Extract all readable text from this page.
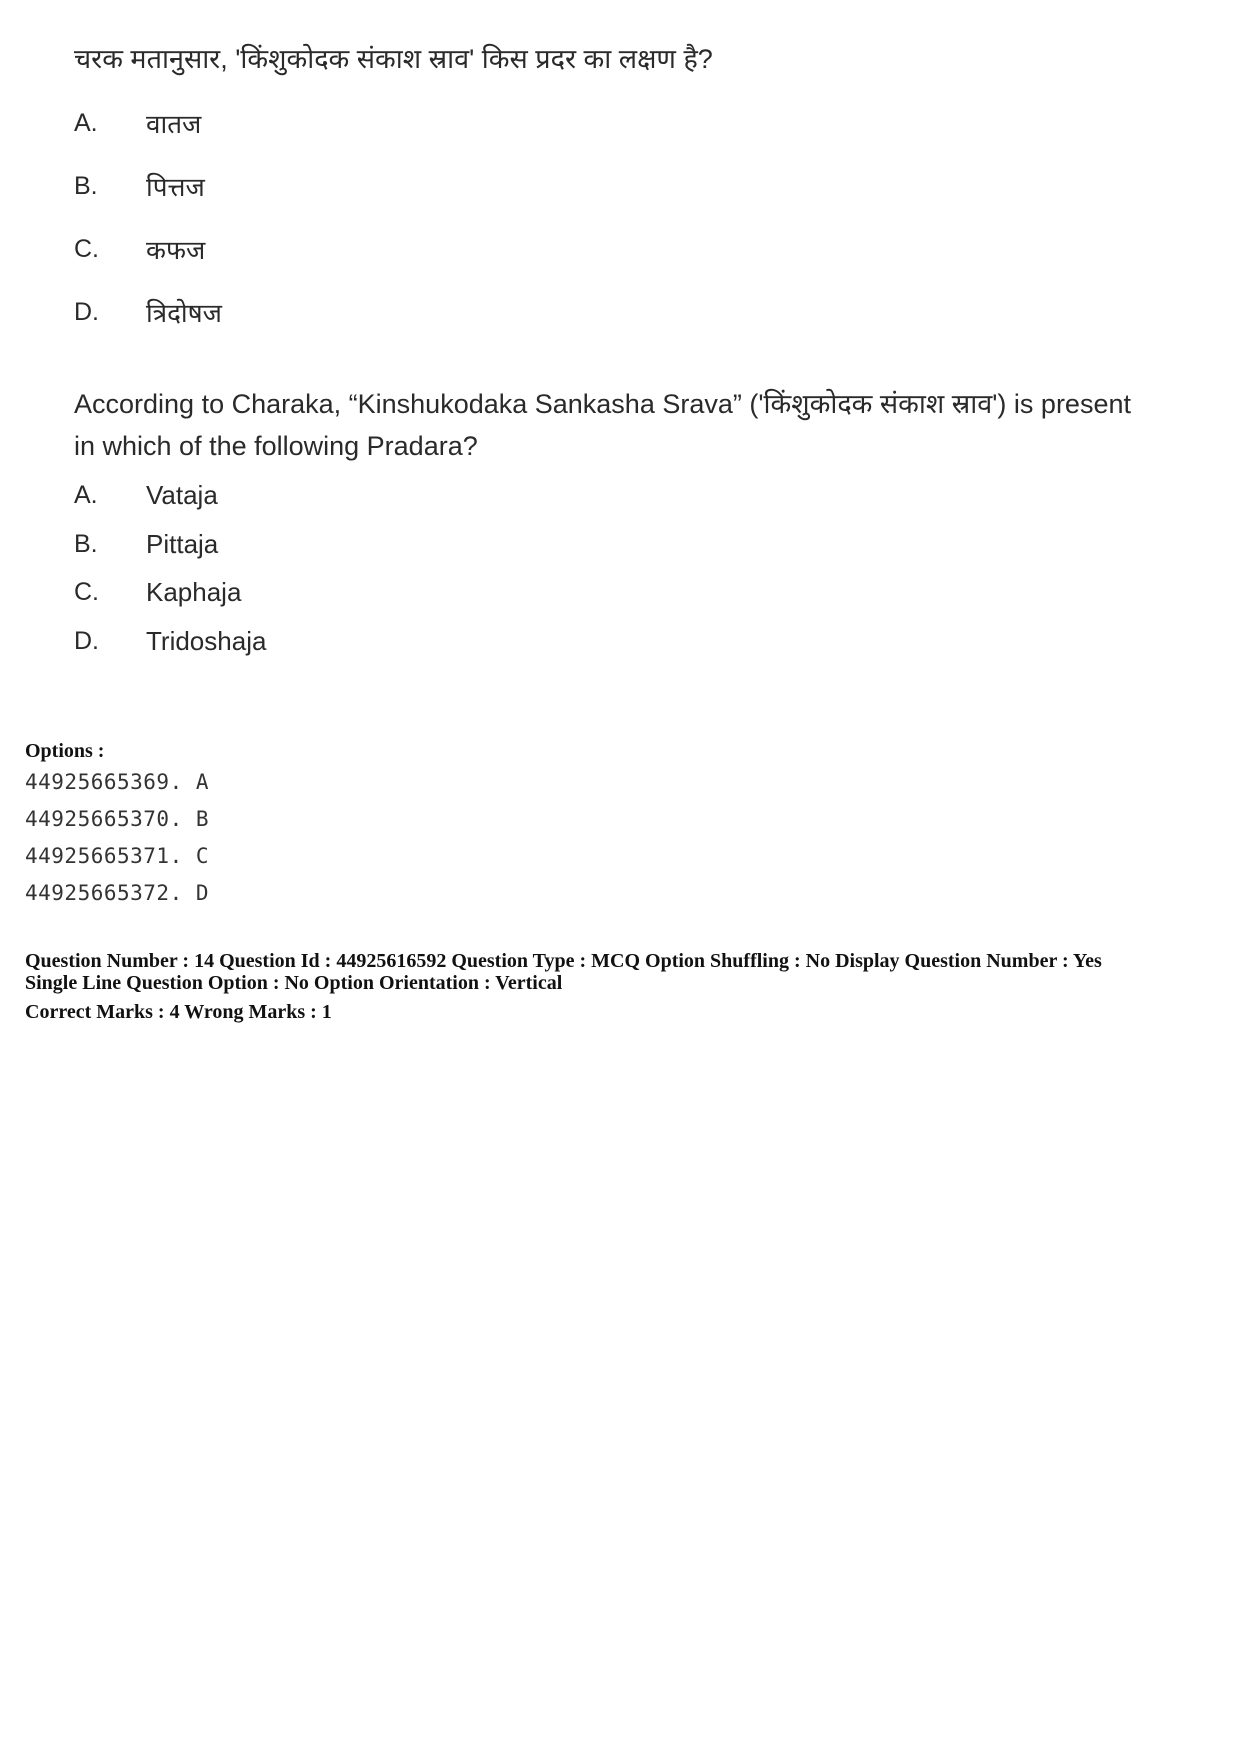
चरक मतानुसार, 'किंशुकोदक संकाश स्राव' किस प्रदर का लक्षण है?
A.	वातज
B.	पित्तज
C.	कफज
D.	त्रिदोषज
According to Charaka, “Kinshukodaka Sankasha Srava” ('किंशुकोदक संकाश स्राव') is present in which of the following Pradara?
A.	Vataja
B.	Pittaja
C.	Kaphaja
D.	Tridoshaja
Options :
44925665369. A
44925665370. B
44925665371. C
44925665372. D
Question Number : 14 Question Id : 44925616592 Question Type : MCQ Option Shuffling : No Display Question Number : Yes
Single Line Question Option : No Option Orientation : Vertical
Correct Marks : 4 Wrong Marks : 1
